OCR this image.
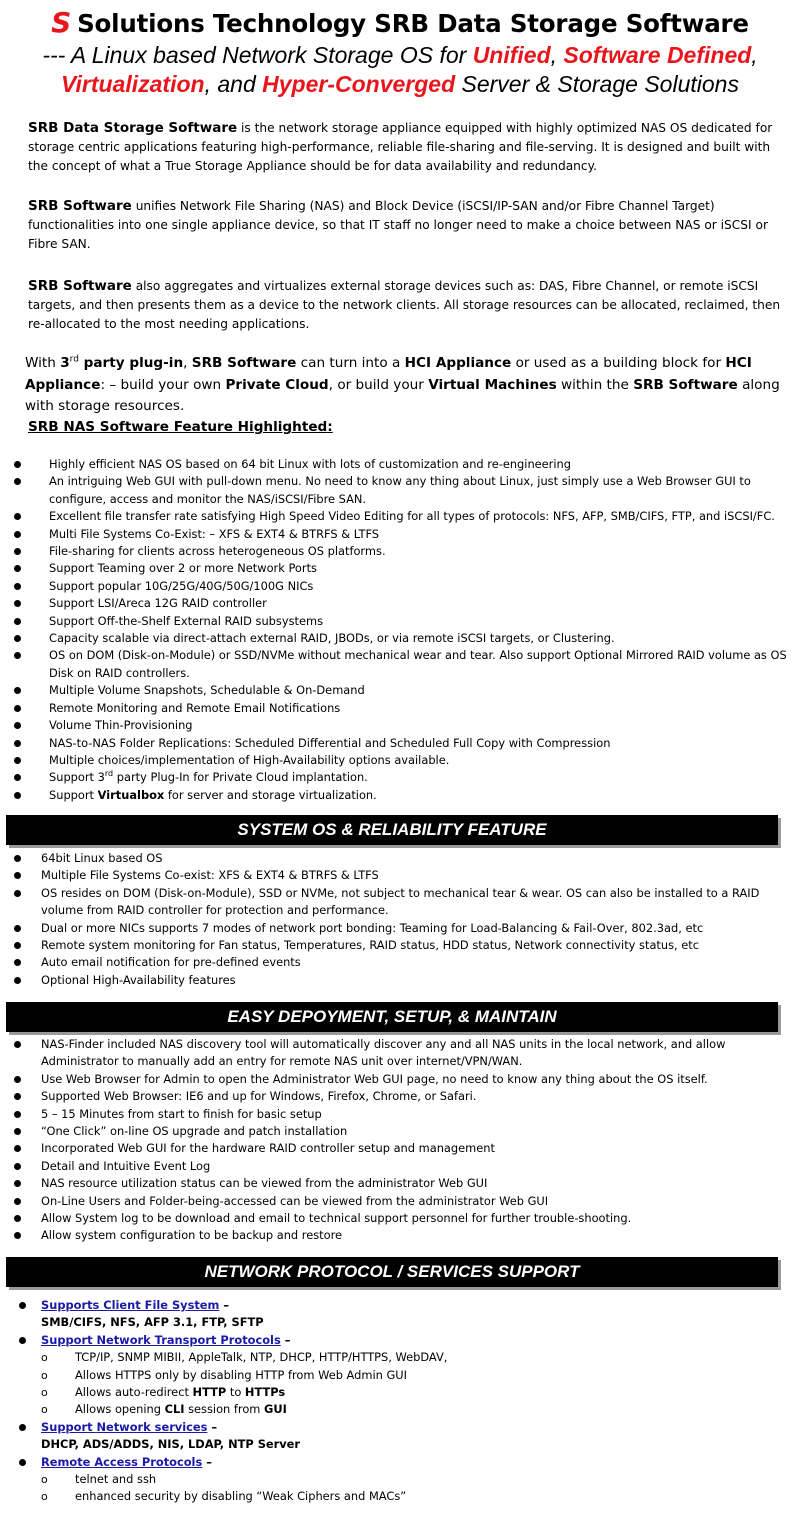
S Solutions Technology SRB Data Storage Software
--- A Linux based Network Storage OS for Unified, Software Defined,
Virtualization, and Hyper-Converged Server & Storage Solutions
SRB Data Storage Software is the network storage appliance equipped with highly optimized NAS OS dedicated for storage centric applications featuring high-performance, reliable file-sharing and file-serving. It is designed and built with the concept of what a True Storage Appliance should be for data availability and redundancy.
SRB Software unifies Network File Sharing (NAS) and Block Device (iSCSI/IP-SAN and/or Fibre Channel Target) functionalities into one single appliance device, so that IT staff no longer need to make a choice between NAS or iSCSI or Fibre SAN.
SRB Software also aggregates and virtualizes external storage devices such as: DAS, Fibre Channel, or remote iSCSI targets, and then presents them as a device to the network clients. All storage resources can be allocated, reclaimed, then re-allocated to the most needing applications.
With 3rd party plug-in, SRB Software can turn into a HCI Appliance or used as a building block for HCI Appliance: – build your own Private Cloud, or build your Virtual Machines within the SRB Software along with storage resources.
SRB NAS Software Feature Highlighted:
Highly efficient NAS OS based on 64 bit Linux with lots of customization and re-engineering
An intriguing Web GUI with pull-down menu. No need to know any thing about Linux, just simply use a Web Browser GUI to configure, access and monitor the NAS/iSCSI/Fibre SAN.
Excellent file transfer rate satisfying High Speed Video Editing for all types of protocols: NFS, AFP, SMB/CIFS, FTP, and iSCSI/FC.
Multi File Systems Co-Exist: – XFS & EXT4 & BTRFS & LTFS
File-sharing for clients across heterogeneous OS platforms.
Support Teaming over 2 or more Network Ports
Support popular 10G/25G/40G/50G/100G NICs
Support LSI/Areca 12G RAID controller
Support Off-the-Shelf External RAID subsystems
Capacity scalable via direct-attach external RAID, JBODs, or via remote iSCSI targets, or Clustering.
OS on DOM (Disk-on-Module) or SSD/NVMe without mechanical wear and tear. Also support Optional Mirrored RAID volume as OS Disk on RAID controllers.
Multiple Volume Snapshots, Schedulable & On-Demand
Remote Monitoring and Remote Email Notifications
Volume Thin-Provisioning
NAS-to-NAS Folder Replications: Scheduled Differential and Scheduled Full Copy with Compression
Multiple choices/implementation of High-Availability options available.
Support 3rd party Plug-In for Private Cloud implantation.
Support Virtualbox for server and storage virtualization.
SYSTEM OS & RELIABILITY FEATURE
64bit Linux based OS
Multiple File Systems Co-exist: XFS & EXT4 & BTRFS & LTFS
OS resides on DOM (Disk-on-Module), SSD or NVMe, not subject to mechanical tear & wear. OS can also be installed to a RAID volume from RAID controller for protection and performance.
Dual or more NICs supports 7 modes of network port bonding: Teaming for Load-Balancing & Fail-Over, 802.3ad, etc
Remote system monitoring for Fan status, Temperatures, RAID status, HDD status, Network connectivity status, etc
Auto email notification for pre-defined events
Optional High-Availability features
EASY DEPOYMENT, SETUP, & MAINTAIN
NAS-Finder included NAS discovery tool will automatically discover any and all NAS units in the local network, and allow Administrator to manually add an entry for remote NAS unit over internet/VPN/WAN.
Use Web Browser for Admin to open the Administrator Web GUI page, no need to know any thing about the OS itself.
Supported Web Browser: IE6 and up for Windows, Firefox, Chrome, or Safari.
5 – 15 Minutes from start to finish for basic setup
“One Click” on-line OS upgrade and patch installation
Incorporated Web GUI for the hardware RAID controller setup and management
Detail and Intuitive Event Log
NAS resource utilization status can be viewed from the administrator Web GUI
On-Line Users and Folder-being-accessed can be viewed from the administrator Web GUI
Allow System log to be download and email to technical support personnel for further trouble-shooting.
Allow system configuration to be backup and restore
NETWORK PROTOCOL / SERVICES SUPPORT
Supports Client File System –
SMB/CIFS, NFS, AFP 3.1, FTP, SFTP
Support Network Transport Protocols –
o TCP/IP, SNMP MIBII, AppleTalk, NTP, DHCP, HTTP/HTTPS, WebDAV,
o Allows HTTPS only by disabling HTTP from Web Admin GUI
o Allows auto-redirect HTTP to HTTPs
o Allows opening CLI session from GUI
Support Network services –
DHCP, ADS/ADDS, NIS, LDAP, NTP Server
Remote Access Protocols –
o telnet and ssh
o enhanced security by disabling “Weak Ciphers and MACs”
